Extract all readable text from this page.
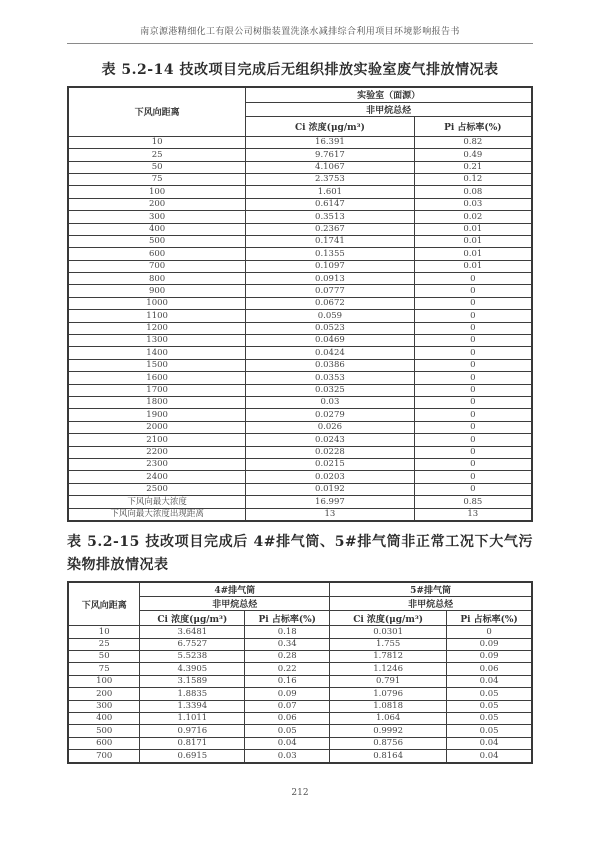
南京源港精细化工有限公司树脂装置洗涤水减排综合利用项目环境影响报告书
表 5.2-14 技改项目完成后无组织排放实验室废气排放情况表
下风向距离	实验室（面源）	
	非甲烷总烃	
	Ci 浓度(μg/m³)	Pi 占标率(%)
10	16.391	0.82
25	9.7617	0.49
50	4.1067	0.21
75	2.3753	0.12
100	1.601	0.08
200	0.6147	0.03
300	0.3513	0.02
400	0.2367	0.01
500	0.1741	0.01
600	0.1355	0.01
700	0.1097	0.01
800	0.0913	0
900	0.0777	0
1000	0.0672	0
1100	0.059	0
1200	0.0523	0
1300	0.0469	0
1400	0.0424	0
1500	0.0386	0
1600	0.0353	0
1700	0.0325	0
1800	0.03	0
1900	0.0279	0
2000	0.026	0
2100	0.0243	0
2200	0.0228	0
2300	0.0215	0
2400	0.0203	0
2500	0.0192	0
下风向最大浓度	16.997	0.85
下风向最大浓度出现距离	13	13
表 5.2-15 技改项目完成后 4#排气筒、5#排气筒非正常工况下大气污染物排放情况表
下风向距离	4#排气筒		5#排气筒	
	非甲烷总烃		非甲烷总烃	
	Ci 浓度(μg/m³)	Pi 占标率(%)	Ci 浓度(μg/m³)	Pi 占标率(%)
10	3.6481	0.18	0.0301	0
25	6.7527	0.34	1.755	0.09
50	5.5238	0.28	1.7812	0.09
75	4.3905	0.22	1.1246	0.06
100	3.1589	0.16	0.791	0.04
200	1.8835	0.09	1.0796	0.05
300	1.3394	0.07	1.0818	0.05
400	1.1011	0.06	1.064	0.05
500	0.9716	0.05	0.9992	0.05
600	0.8171	0.04	0.8756	0.04
700	0.6915	0.03	0.8164	0.04
212
